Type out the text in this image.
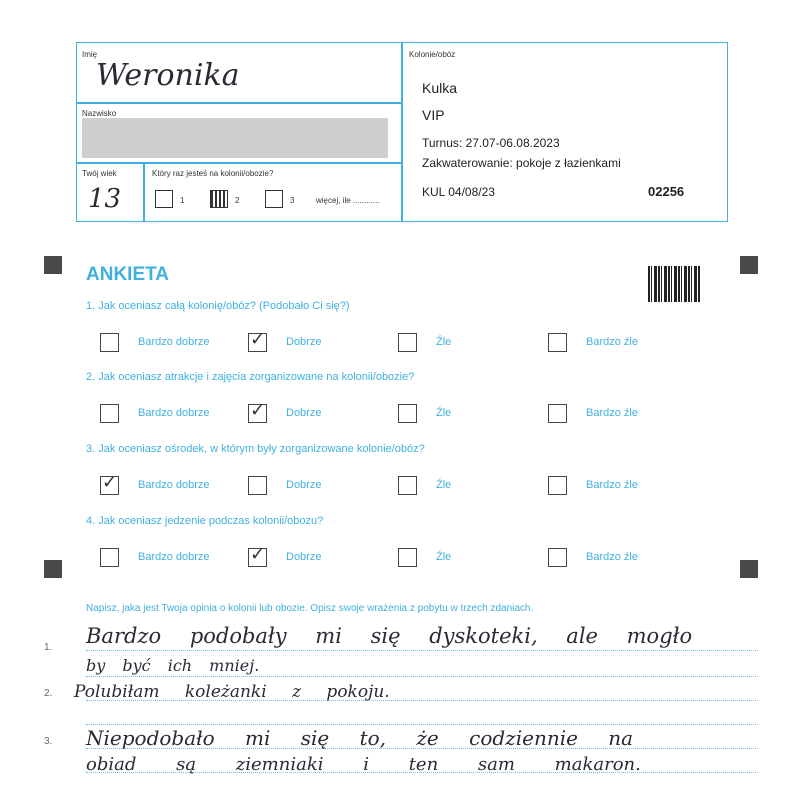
Imię
Weronika
Nazwisko
Twój wiek
13
Który raz jesteś na kolonii/obozie?
1	2	3	więcej, ile ............
Kolonie/obóz
Kulka
VIP
Turnus: 27.07-06.08.2023
Zakwaterowanie: pokoje z łazienkami
KUL 04/08/23	02256
ANKIETA
1. Jak oceniasz całą kolonię/obóz? (Podobało Ci się?)
Bardzo dobrze ✓ Dobrze	Źle	Bardzo źle
2. Jak oceniasz atrakcje i zajęcia zorganizowane na kolonii/obozie?
Bardzo dobrze ✓ Dobrze	Źle	Bardzo źle
3. Jak oceniasz ośrodek, w którym były zorganizowane kolonie/obóz?
✓ Bardzo dobrze	Dobrze	Źle	Bardzo źle
4. Jak oceniasz jedzenie podczas kolonii/obozu?
Bardzo dobrze ✓ Dobrze	Źle	Bardzo źle
Napisz, jaka jest Twoja opinia o kolonii lub obozie. Opisz swoje wrażenia z pobytu w trzech zdaniach.
1.
2.
3.
Bardzo podobały mi się dyskoteki, ale mogło
by być ich mniej.
Polubiłam koleżanki z pokoju.
Niepodobało mi się to, że codziennie na
obiad są ziemniaki i ten sam makaron.
